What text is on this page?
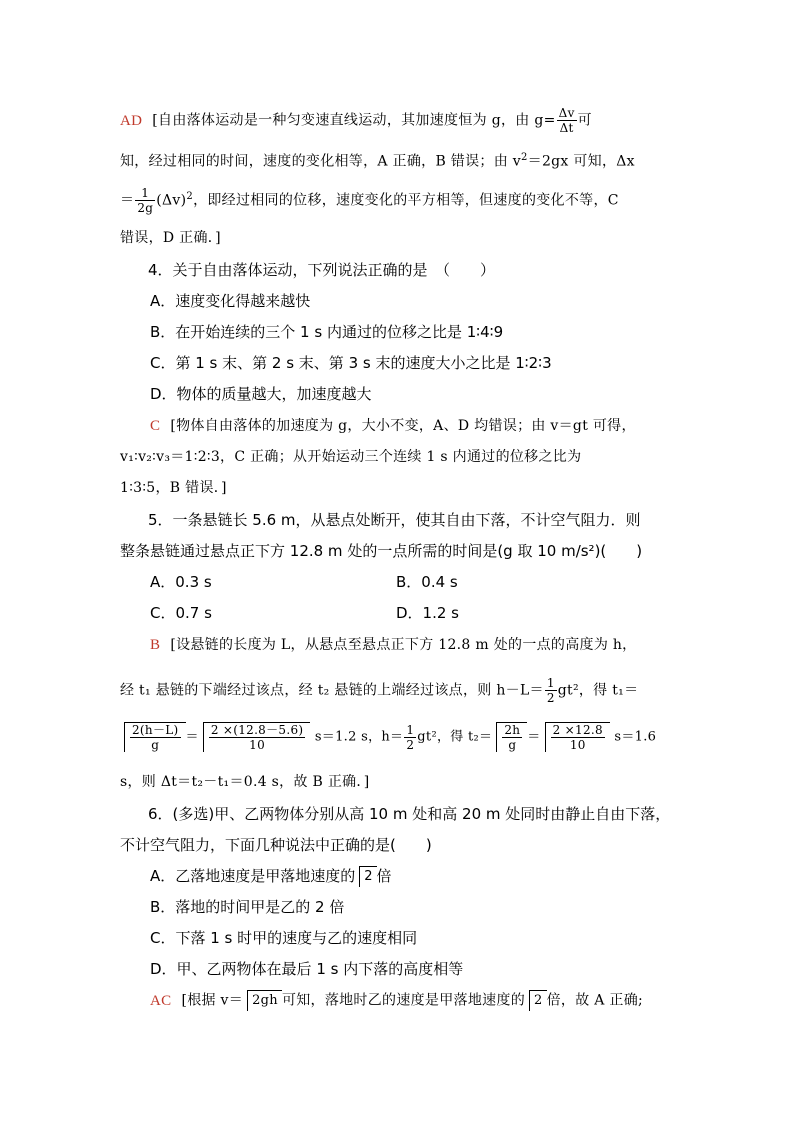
AD [自由落体运动是一种匀变速直线运动，其加速度恒为 g，由 $g= \frac{\Delta v}{\Delta t}$ 可
知，经过相同的时间，速度的变化相等，A 正确，B 错误；由 $v^2=2gx$ 可知，Δx
＝ $\frac{1}{2g} (\Delta v)^2$，即经过相同的位移，速度变化的平方相等，但速度的变化不等，C
错误，D 正确．]
4．关于自由落体运动，下列说法正确的是　（　　）
A．速度变化得越来越快
B．在开始连续的三个 1 s 内通过的位移之比是 1∶4∶9
C．第 1 s 末、第 2 s 末、第 3 s 末的速度大小之比是 1∶2∶3
D．物体的质量越大，加速度越大
C [物体自由落体的加速度为 g，大小不变，A、D 均错误；由 v＝gt 可得，
v₁∶v₂∶v₃＝1∶2∶3，C 正确；从开始运动三个连续 1 s 内通过的位移之比为
1∶3∶5，B 错误．]
5．一条悬链长 5.6 m，从悬点处断开，使其自由下落，不计空气阻力．则
整条悬链通过悬点正下方 12.8 m 处的一点所需的时间是(g 取 10 m/s²)(　　)
A．0.3 s	B．0.4 s
C．0.7 s	D．1.2 s
B [设悬链的长度为 L，从悬点至悬点正下方 12.8 m 处的一点的高度为 h，
经 t₁ 悬链的下端经过该点，经 t₂ 悬链的上端经过该点，则 $h-L= \frac{1}{2} gt^2$，得 t₁＝
$\frac{2(h-L)}{g} = \frac{2 \times(12.8-5.6)}{10} s=1.2$ s，$h= \frac{1}{2} gt^2$，得 $t_2= \frac{2h}{g} = \frac{2 \times 12.8}{10} s=1.6$
s，则 Δt＝t₂－t₁＝0.4 s，故 B 正确．]
6．(多选)甲、乙两物体分别从高 10 m 处和高 20 m 处同时由静止自由下落，
不计空气阻力，下面几种说法中正确的是(　　)
A．乙落地速度是甲落地速度的 2 倍
B．落地的时间甲是乙的 2 倍
C．下落 1 s 时甲的速度与乙的速度相同
D．甲、乙两物体在最后 1 s 内下落的高度相等
AC [根据 v＝ 2gh 可知，落地时乙的速度是甲落地速度的 2 倍，故 A 正确;
